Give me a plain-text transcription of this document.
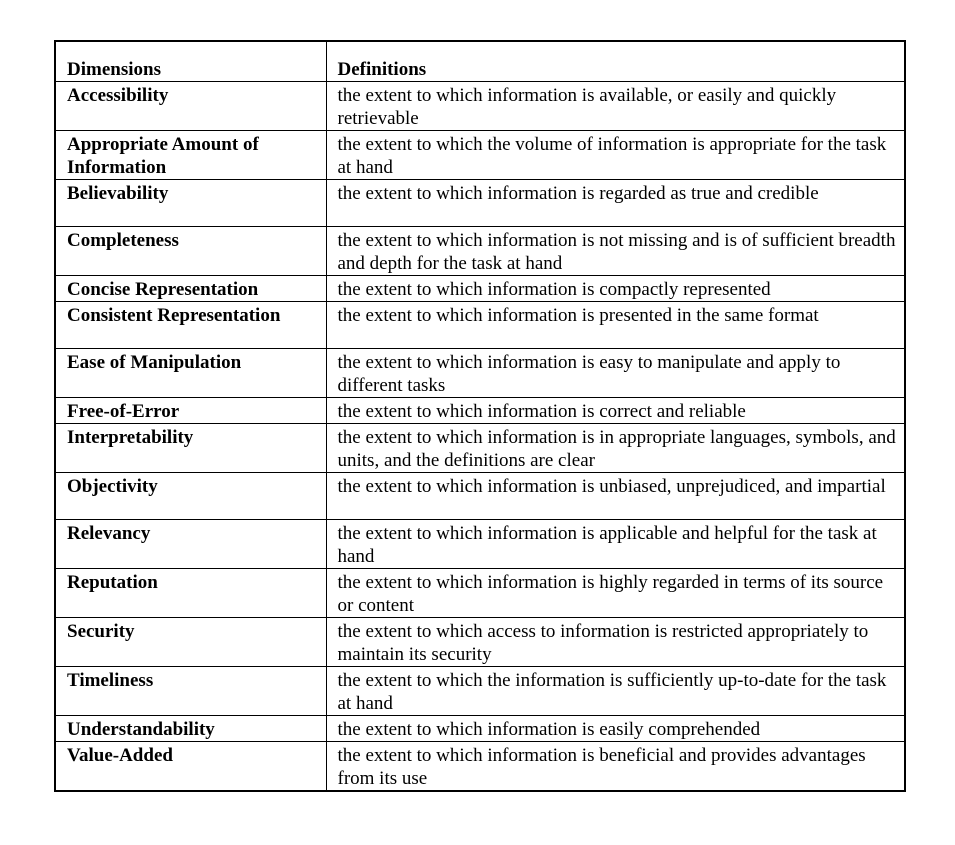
Dimensions	Definitions
Accessibility	the extent to which information is available, or easily and quickly retrievable
Appropriate Amount of Information	the extent to which the volume of information is appropriate for the task at hand
Believability	the extent to which information is regarded as true and credible
Completeness	the extent to which information is not missing and is of sufficient breadth and depth for the task at hand
Concise Representation	the extent to which information is compactly represented
Consistent Representation	the extent to which information is presented in the same format
Ease of Manipulation	the extent to which information is easy to manipulate and apply to different tasks
Free-of-Error	the extent to which information is correct and reliable
Interpretability	the extent to which information is in appropriate languages, symbols, and units, and the definitions are clear
Objectivity	the extent to which information is unbiased, unprejudiced, and impartial
Relevancy	the extent to which information is applicable and helpful for the task at hand
Reputation	the extent to which information is highly regarded in terms of its source or content
Security	the extent to which access to information is restricted appropriately to maintain its security
Timeliness	the extent to which the information is sufficiently up-to-date for the task at hand
Understandability	the extent to which information is easily comprehended
Value-Added	the extent to which information is beneficial and provides advantages from its use
